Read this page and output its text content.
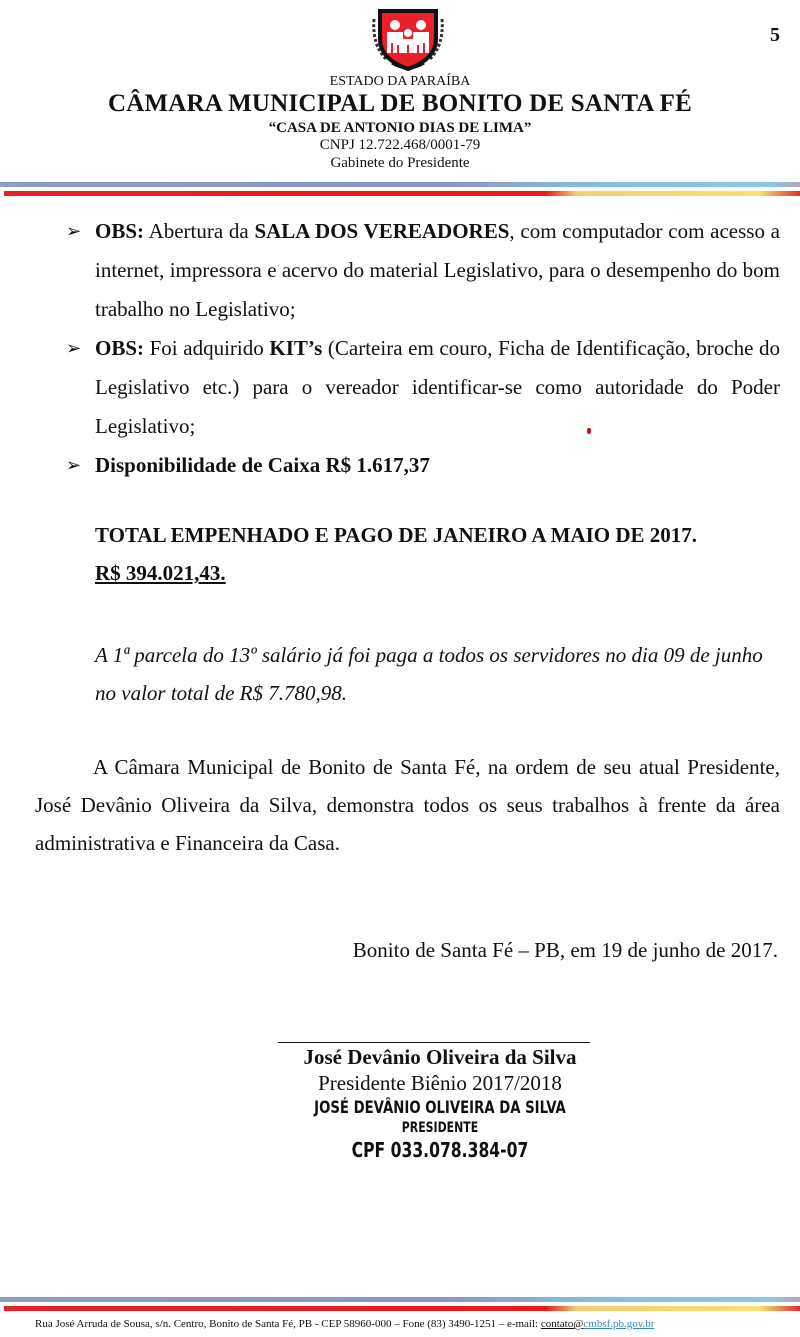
5
ESTADO DA PARAÍBA
CÂMARA MUNICIPAL DE BONITO DE SANTA FÉ
“CASA DE ANTONIO DIAS DE LIMA”
CNPJ 12.722.468/0001-79
Gabinete do Presidente

➢ OBS: Abertura da SALA DOS VEREADORES, com computador com acesso a internet, impressora e acervo do material Legislativo, para o desempenho do bom trabalho no Legislativo;

➢ OBS: Foi adquirido KIT’s (Carteira em couro, Ficha de Identificação, broche do Legislativo etc.) para o vereador identificar-se como autoridade do Poder Legislativo;

➢ Disponibilidade de Caixa R$ 1.617,37

TOTAL EMPENHADO E PAGO DE JANEIRO A MAIO DE 2017.
R$ 394.021,43.
A 1ª parcela do 13º salário já foi paga a todos os servidores no dia 09 de junho no valor total de R$ 7.780,98.
A Câmara Municipal de Bonito de Santa Fé, na ordem de seu atual Presidente, José Devânio Oliveira da Silva, demonstra todos os seus trabalhos à frente da área administrativa e Financeira da Casa.
Bonito de Santa Fé – PB, em 19 de junho de 2017.
José Devânio Oliveira da Silva
Presidente Biênio 2017/2018
JOSÉ DEVÂNIO OLIVEIRA DA SILVA
PRESIDENTE
CPF 033.078.384-07
Rua José Arruda de Sousa, s/n. Centro, Bonito de Santa Fé, PB - CEP 58960-000 – Fone (83) 3490-1251 – e-mail: contato@cmbsf.pb.gov.br
